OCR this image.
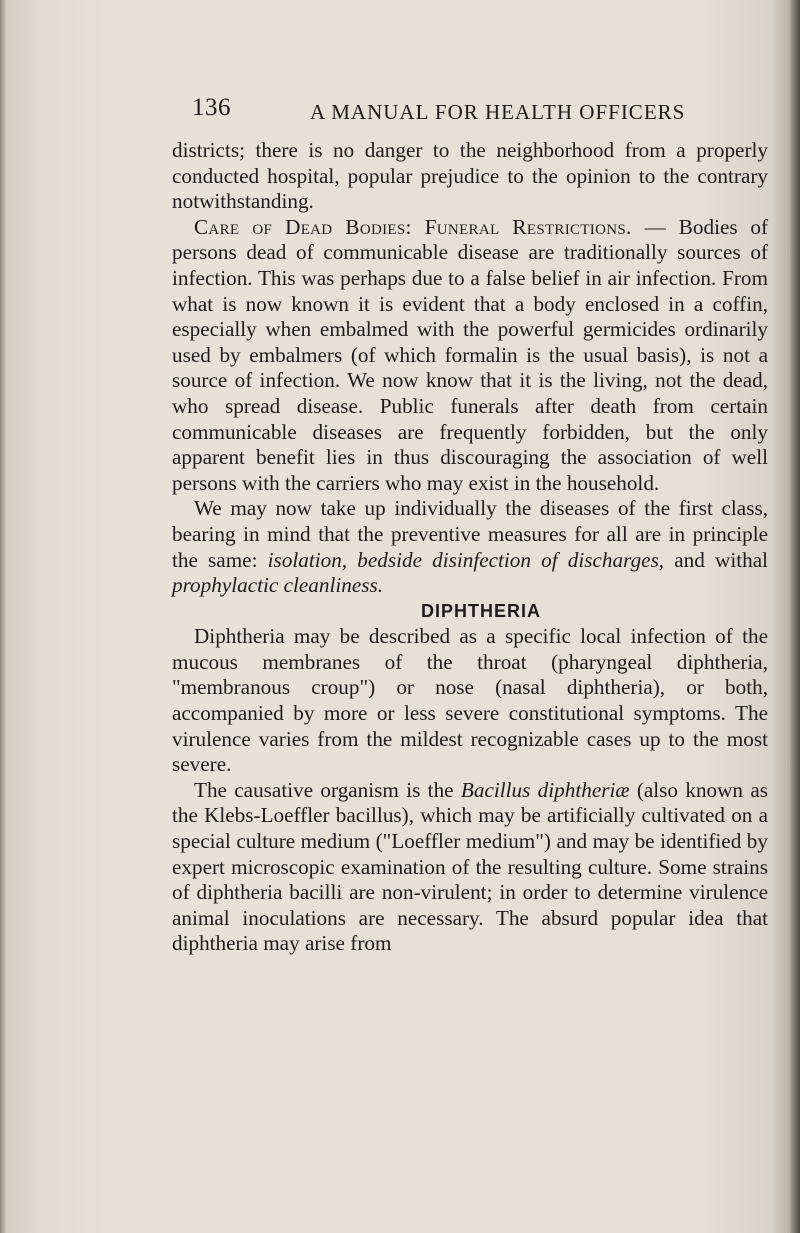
136	A MANUAL FOR HEALTH OFFICERS

districts; there is no danger to the neighborhood from a properly conducted hospital, popular prejudice to the opinion to the contrary notwithstanding.

Care of Dead Bodies: Funeral Restrictions. — Bodies of persons dead of communicable disease are traditionally sources of infection. This was perhaps due to a false belief in air infection. From what is now known it is evident that a body enclosed in a coffin, especially when embalmed with the powerful germicides ordinarily used by embalmers (of which formalin is the usual basis), is not a source of infection. We now know that it is the living, not the dead, who spread disease. Public funerals after death from certain communicable diseases are frequently forbidden, but the only apparent benefit lies in thus discouraging the association of well persons with the carriers who may exist in the household.

We may now take up individually the diseases of the first class, bearing in mind that the preventive measures for all are in principle the same: isolation, bedside disinfection of discharges, and withal prophylactic cleanliness.

DIPHTHERIA

Diphtheria may be described as a specific local infection of the mucous membranes of the throat (pharyngeal diphtheria, "membranous croup") or nose (nasal diphtheria), or both, accompanied by more or less severe constitutional symptoms. The virulence varies from the mildest recognizable cases up to the most severe.

The causative organism is the Bacillus diphtheriæ (also known as the Klebs-Loeffler bacillus), which may be artificially cultivated on a special culture medium ("Loeffler medium") and may be identified by expert microscopic examination of the resulting culture. Some strains of diphtheria bacilli are non-virulent; in order to determine virulence animal inoculations are necessary. The absurd popular idea that diphtheria may arise from
